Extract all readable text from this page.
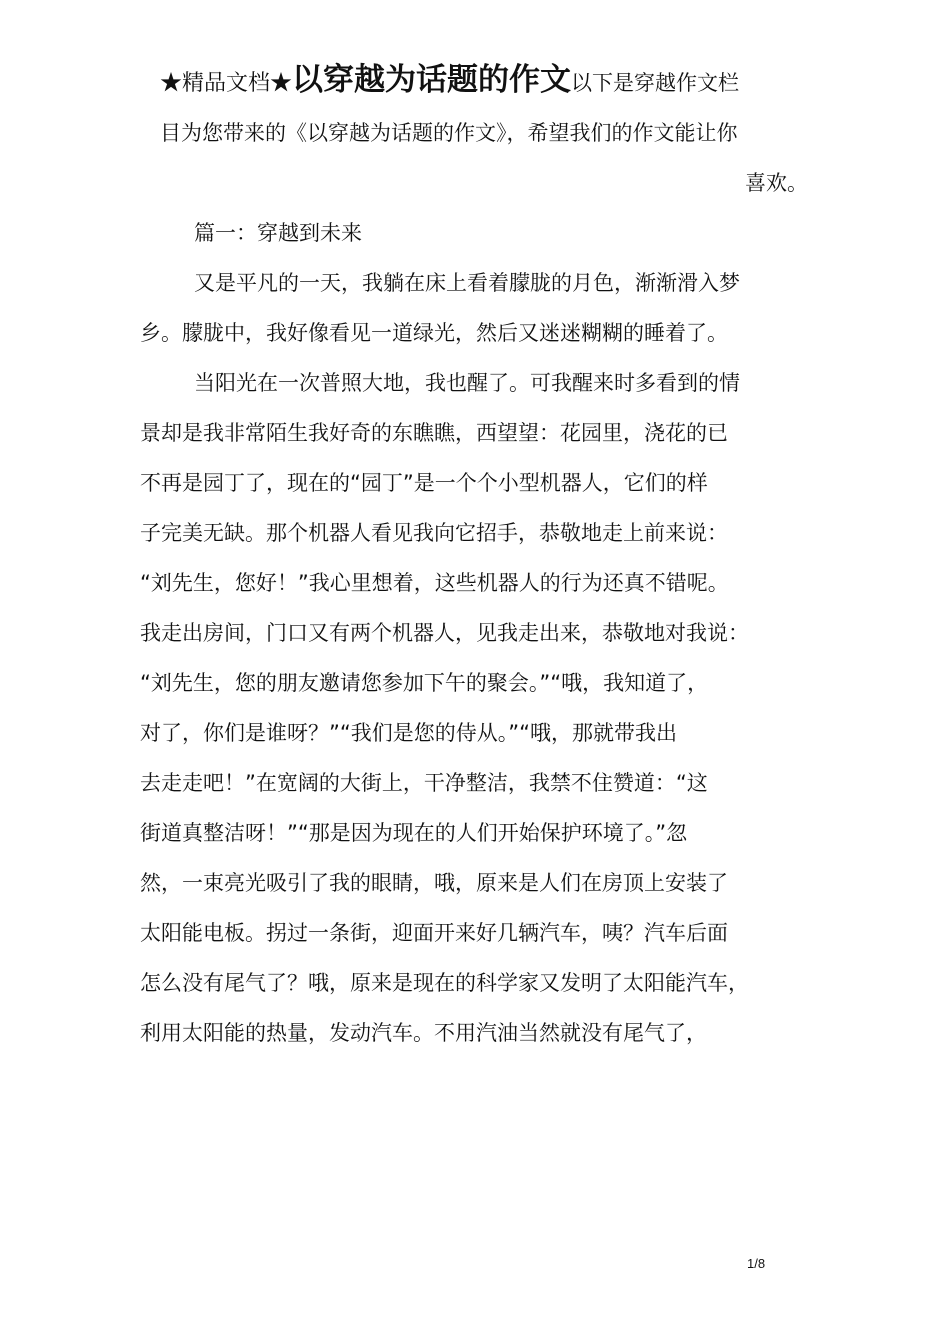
★精品文档★以穿越为话题的作文以下是穿越作文栏
目为您带来的《以穿越为话题的作文》，希望我们的作文能让你
喜欢。
篇一：穿越到未来
又是平凡的一天，我躺在床上看着朦胧的月色，渐渐滑入梦
乡。朦胧中，我好像看见一道绿光，然后又迷迷糊糊的睡着了。
当阳光在一次普照大地，我也醒了。可我醒来时多看到的情
景却是我非常陌生我好奇的东瞧瞧，西望望：花园里，浇花的已
不再是园丁了，现在的“园丁”是一个个小型机器人，它们的样
子完美无缺。那个机器人看见我向它招手，恭敬地走上前来说：
“刘先生，您好！”我心里想着，这些机器人的行为还真不错呢。
我走出房间，门口又有两个机器人，见我走出来，恭敬地对我说：
“刘先生，您的朋友邀请您参加下午的聚会。”“哦，我知道了，
对了，你们是谁呀？”“我们是您的侍从。”“哦，那就带我出
去走走吧！”在宽阔的大街上，干净整洁，我禁不住赞道：“这
街道真整洁呀！”“那是因为现在的人们开始保护环境了。”忽
然，一束亮光吸引了我的眼睛，哦，原来是人们在房顶上安装了
太阳能电板。拐过一条街，迎面开来好几辆汽车，咦？汽车后面
怎么没有尾气了？哦，原来是现在的科学家又发明了太阳能汽车，
利用太阳能的热量，发动汽车。不用汽油当然就没有尾气了，
1/8
